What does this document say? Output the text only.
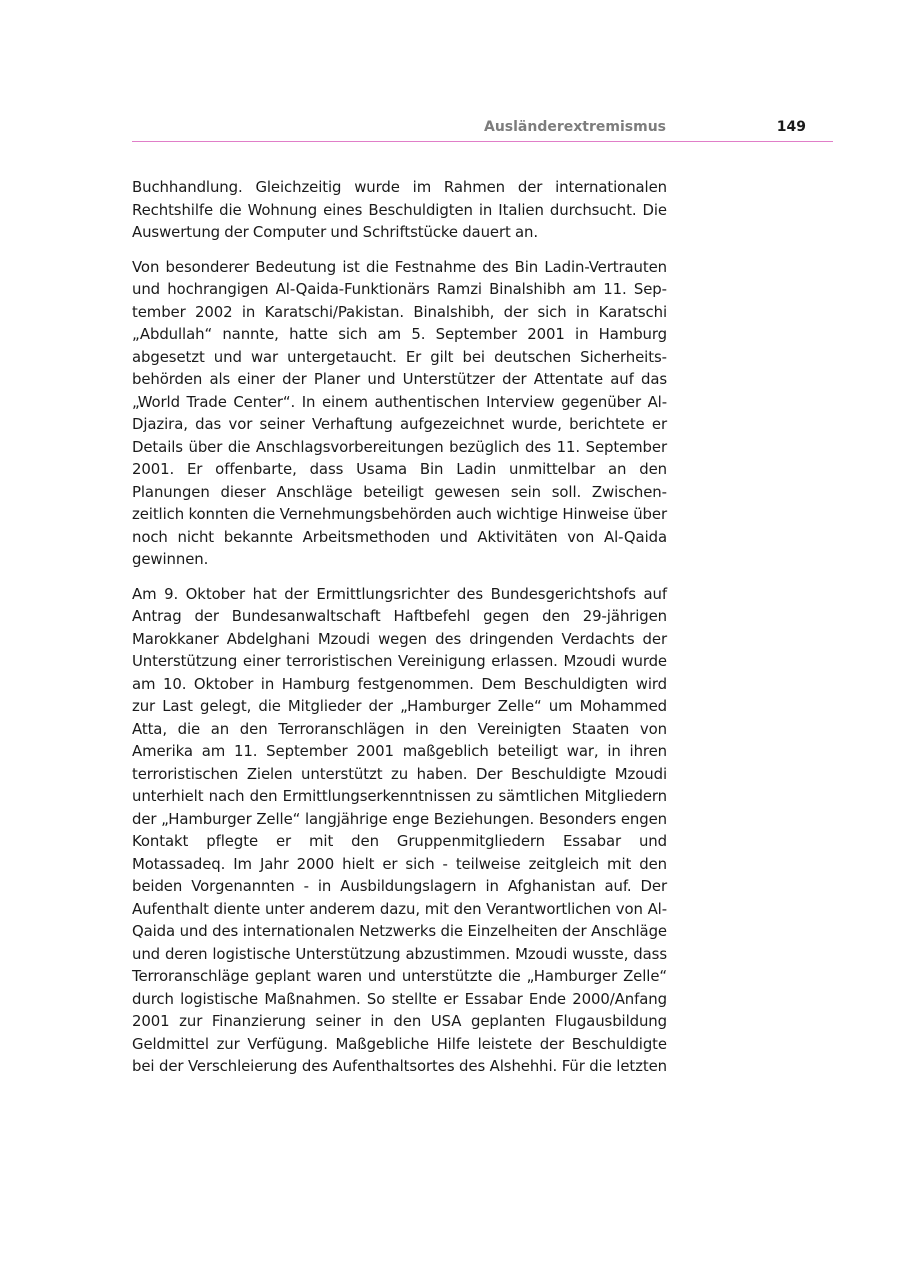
Ausländerextremismus	149

Buchhandlung. Gleichzeitig wurde im Rahmen der internationalen Rechtshilfe die Wohnung eines Beschuldigten in Italien durchsucht. Die Auswertung der Computer und Schriftstücke dauert an.

Von besonderer Bedeutung ist die Festnahme des Bin Ladin-Vertrauten und hochrangigen Al-Qaida-Funktionärs Ramzi Binalshibh am 11. September 2002 in Karatschi/Pakistan. Binalshibh, der sich in Karatschi „Abdullah“ nannte, hatte sich am 5. September 2001 in Hamburg abgesetzt und war untergetaucht. Er gilt bei deutschen Sicherheitsbehörden als einer der Planer und Unterstützer der Attentate auf das „World Trade Center“. In einem authentischen Interview gegenüber Al-Djazira, das vor seiner Verhaftung aufgezeichnet wurde, berichtete er Details über die Anschlagsvorbereitungen bezüglich des 11. September 2001. Er offenbarte, dass Usama Bin Ladin unmittelbar an den Planungen dieser Anschläge beteiligt gewesen sein soll. Zwischenzeitlich konnten die Vernehmungsbehörden auch wichtige Hinweise über noch nicht bekannte Arbeitsmethoden und Aktivitäten von Al-Qaida gewinnen.

Am 9. Oktober hat der Ermittlungsrichter des Bundesgerichtshofs auf Antrag der Bundesanwaltschaft Haftbefehl gegen den 29-jährigen Marokkaner Abdelghani Mzoudi wegen des dringenden Verdachts der Unterstützung einer terroristischen Vereinigung erlassen. Mzoudi wurde am 10. Oktober in Hamburg festgenommen. Dem Beschuldigten wird zur Last gelegt, die Mitglieder der „Hamburger Zelle“ um Mohammed Atta, die an den Terroranschlägen in den Vereinigten Staaten von Amerika am 11. September 2001 maßgeblich beteiligt war, in ihren terroristischen Zielen unterstützt zu haben. Der Beschuldigte Mzoudi unterhielt nach den Ermittlungserkenntnissen zu sämtlichen Mitgliedern der „Hamburger Zelle“ langjährige enge Beziehungen. Besonders engen Kontakt pflegte er mit den Gruppenmitgliedern Essabar und Motassadeq. Im Jahr 2000 hielt er sich - teilweise zeitgleich mit den beiden Vorgenannten - in Ausbildungslagern in Afghanistan auf. Der Aufenthalt diente unter anderem dazu, mit den Verantwortlichen von Al-Qaida und des internationalen Netzwerks die Einzelheiten der Anschläge und deren logistische Unterstützung abzustimmen. Mzoudi wusste, dass Terroranschläge geplant waren und unterstützte die „Hamburger Zelle“ durch logistische Maßnahmen. So stellte er Essabar Ende 2000/Anfang 2001 zur Finanzierung seiner in den USA geplanten Flugausbildung Geldmittel zur Verfügung. Maßgebliche Hilfe leistete der Beschuldigte bei der Verschleierung des Aufenthaltsortes des Alshehhi. Für die letzten
